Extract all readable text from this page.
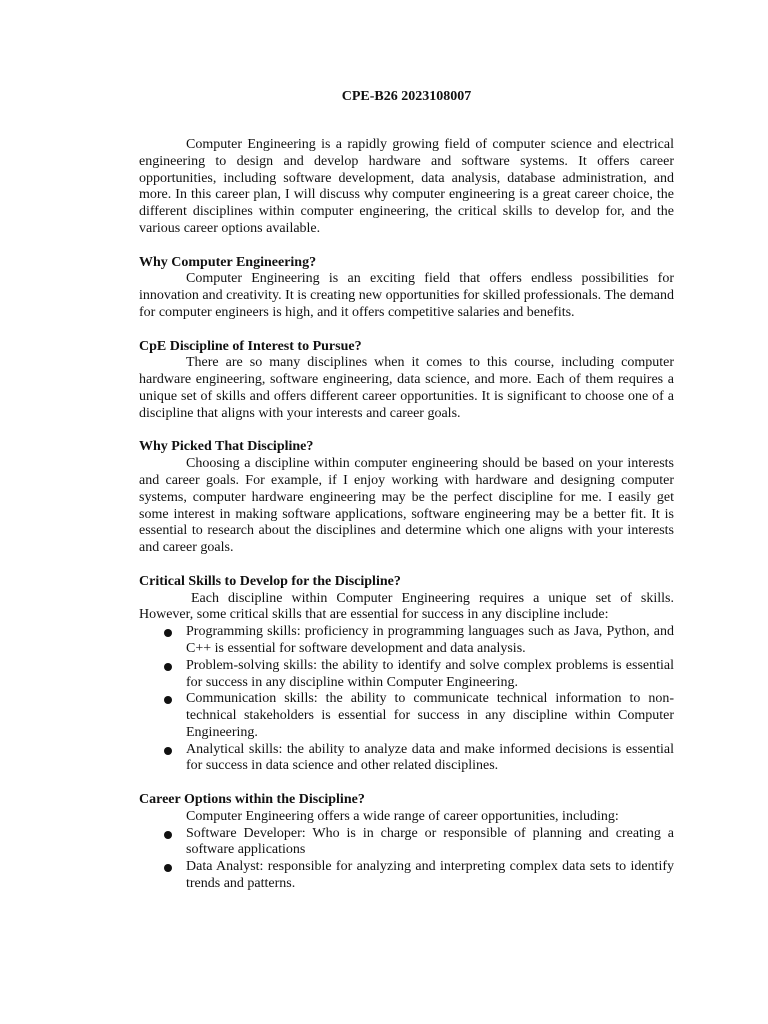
CPE-B26 2023108007

Computer Engineering is a rapidly growing field of computer science and electrical engineering to design and develop hardware and software systems. It offers career opportunities, including software development, data analysis, database administration, and more. In this career plan, I will discuss why computer engineering is a great career choice, the different disciplines within computer engineering, the critical skills to develop for, and the various career options available.

Why Computer Engineering?

Computer Engineering is an exciting field that offers endless possibilities for innovation and creativity. It is creating new opportunities for skilled professionals. The demand for computer engineers is high, and it offers competitive salaries and benefits.

CpE Discipline of Interest to Pursue?

There are so many disciplines when it comes to this course, including computer hardware engineering, software engineering, data science, and more. Each of them requires a unique set of skills and offers different career opportunities. It is significant to choose one of a discipline that aligns with your interests and career goals.

Why Picked That Discipline?

Choosing a discipline within computer engineering should be based on your interests and career goals. For example, if I enjoy working with hardware and designing computer systems, computer hardware engineering may be the perfect discipline for me. I easily get some interest in making software applications, software engineering may be a better fit. It is essential to research about the disciplines and determine which one aligns with your interests and career goals.

Critical Skills to Develop for the Discipline?

Each discipline within Computer Engineering requires a unique set of skills. However, some critical skills that are essential for success in any discipline include:

Programming skills: proficiency in programming languages such as Java, Python, and C++ is essential for software development and data analysis.
Problem-solving skills: the ability to identify and solve complex problems is essential for success in any discipline within Computer Engineering.
Communication skills: the ability to communicate technical information to non-technical stakeholders is essential for success in any discipline within Computer Engineering.
Analytical skills: the ability to analyze data and make informed decisions is essential for success in data science and other related disciplines.
Career Options within the Discipline?

Computer Engineering offers a wide range of career opportunities, including:

Software Developer: Who is in charge or responsible of planning and creating a software applications
Data Analyst: responsible for analyzing and interpreting complex data sets to identify trends and patterns.
